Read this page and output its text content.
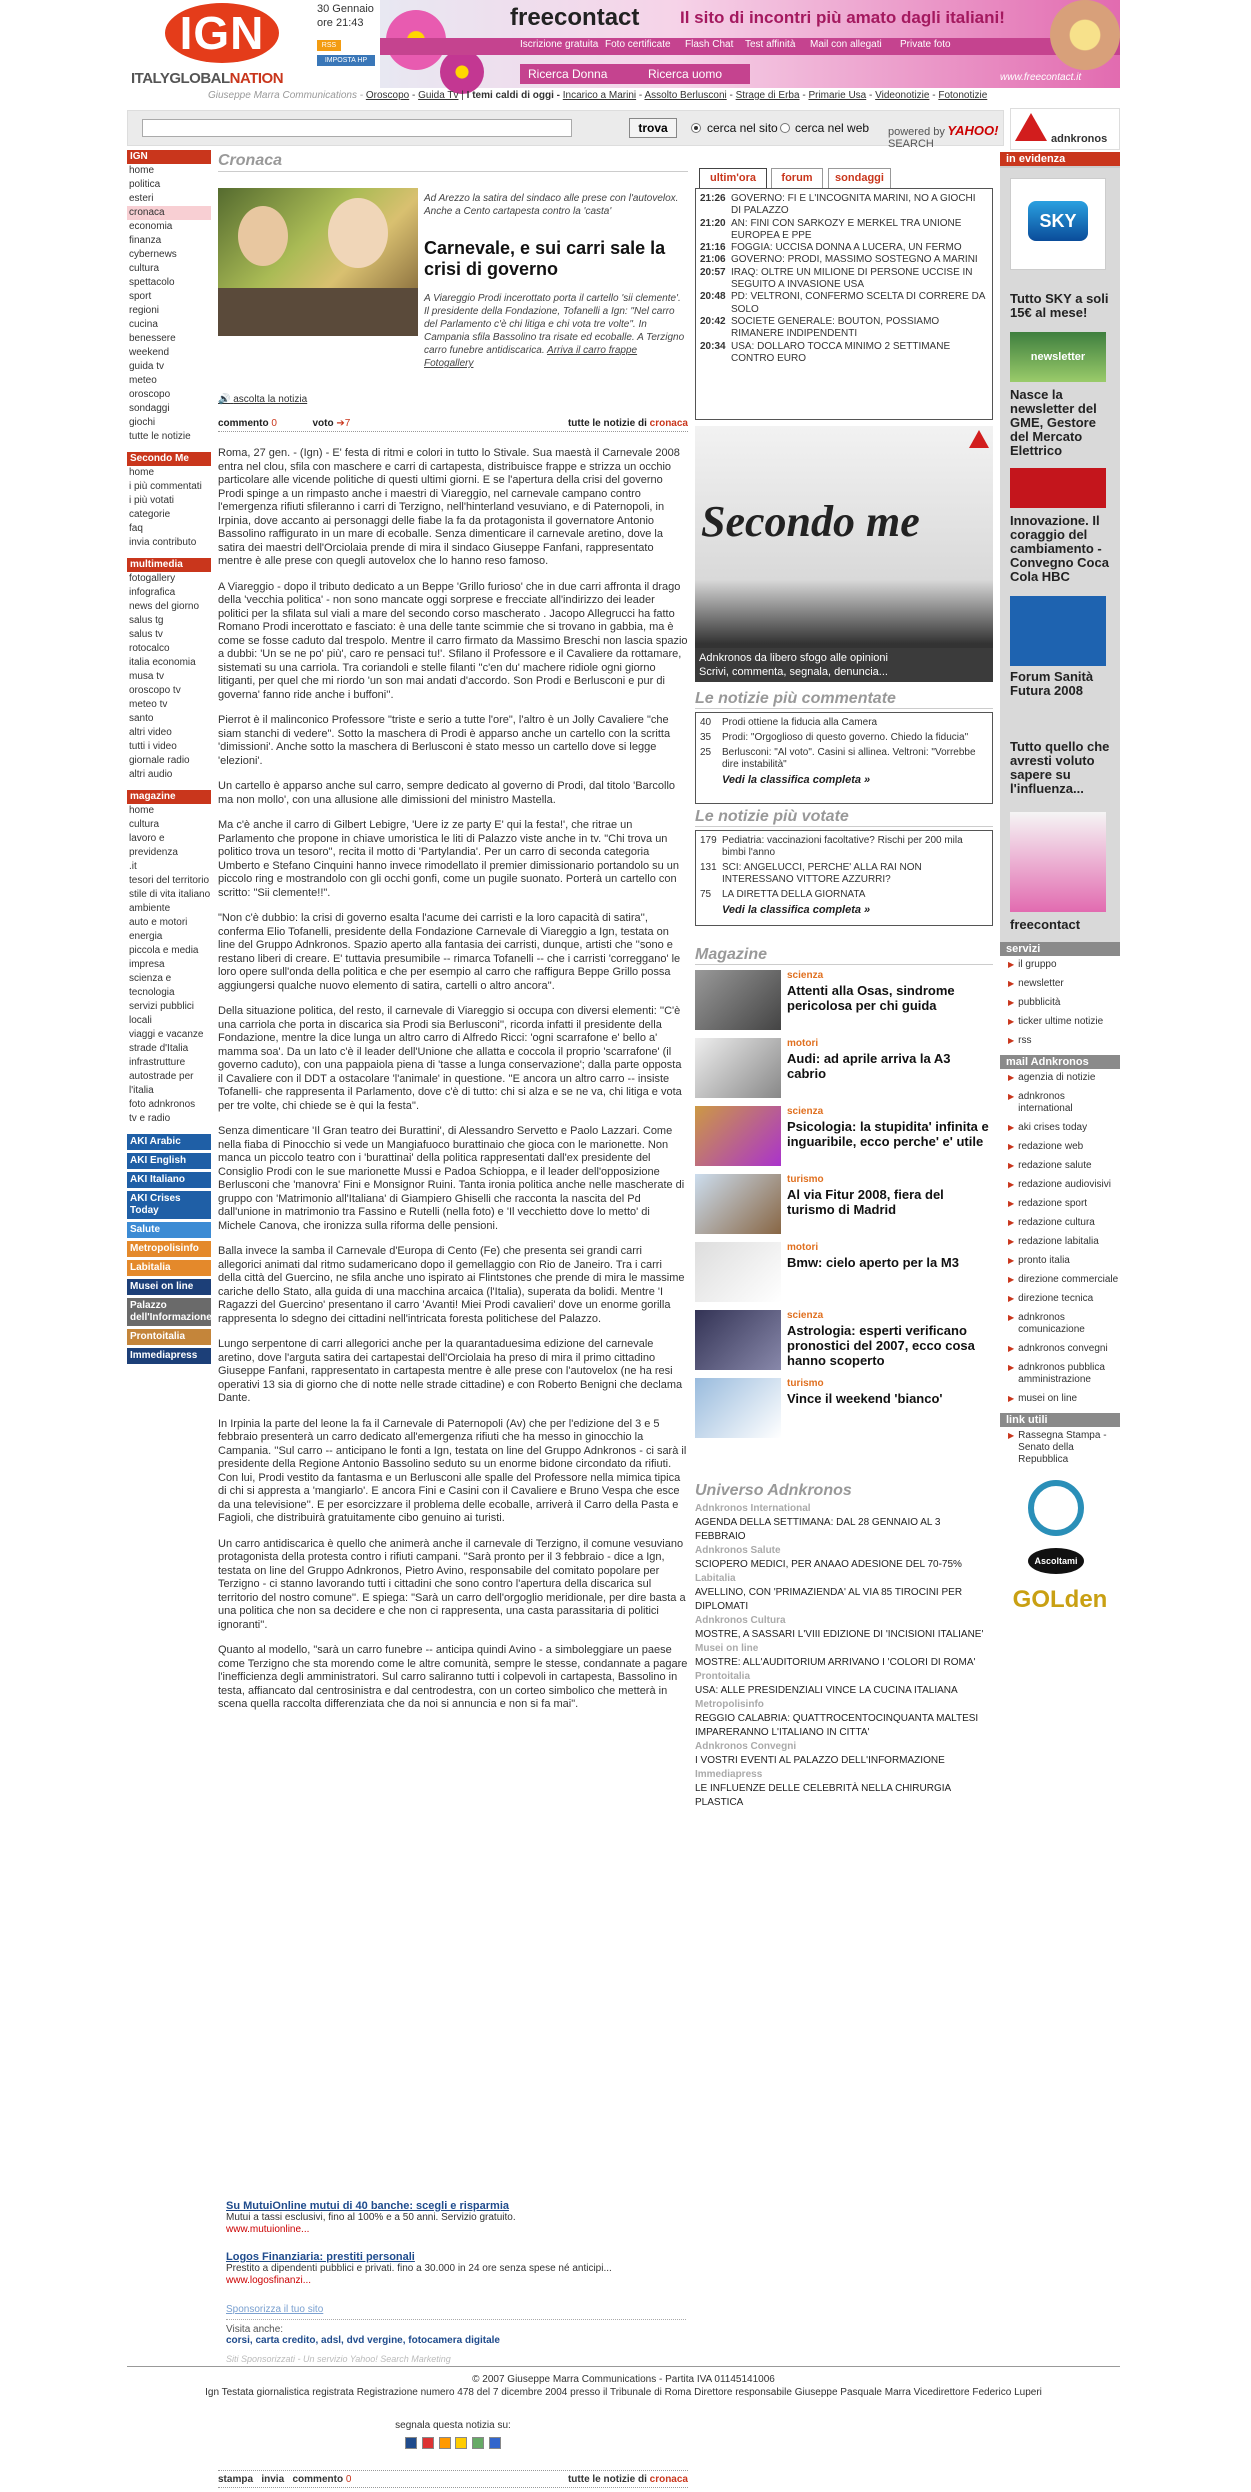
IGN
ITALYGLOBALNATION
30 Gennaio
ore 21:43
RSS
IMPOSTA HP
freecontact Il sito di incontri più amato dagli italiani!
Iscrizione gratuita Foto certificate Flash Chat Test affinità Mail con allegati Private foto
Ricerca Donna	Ricerca uomo	www.freecontact.it
Giuseppe Marra Communications - Oroscopo - Guida Tv | I temi caldi di oggi - Incarico a Marini - Assolto Berlusconi - Strage di Erba - Primarie Usa - Videonotizie - Fotonotizie
trova	cerca nel sito	powered by YAHOO! SEARCH
cerca nel web
adnkronos
IGN
home
politica
esteri
cronaca
economia
finanza
cybernews
cultura
spettacolo
sport
regioni
cucina
benessere
weekend
guida tv
meteo
oroscopo
sondaggi
giochi
tutte le notizie
Secondo Me
home
i più commentati
i più votati
categorie
faq
invia contributo
multimedia
fotogallery
infografica
news del giorno
salus tg
salus tv
rotocalco
italia economia
musa tv
oroscopo tv
meteo tv
santo
altri video
tutti i video
giornale radio
altri audio
magazine
home
cultura
lavoro e previdenza
.it
tesori del territorio
stile di vita italiano
ambiente
auto e motori
energia
piccola e media impresa
scienza e tecnologia
servizi pubblici locali
viaggi e vacanze
strade d'Italia
infrastrutture
autostrade per l'italia
foto adnkronos
tv e radio
AKI Arabic
AKI English
AKI Italiano
AKI Crises Today
Salute
Metropolisinfo
Labitalia
Musei on line
Palazzo dell'Informazione
Prontoitalia
Immediapress
Cronaca
Ad Arezzo la satira del sindaco alle prese con l'autovelox. Anche a Cento cartapesta contro la 'casta'
Carnevale, e sui carri sale la crisi di governo
A Viareggio Prodi incerottato porta il cartello 'sii clemente'. Il presidente della Fondazione, Tofanelli a Ign: "Nel carro del Parlamento c'è chi litiga e chi vota tre volte". In Campania sfila Bassolino tra risate ed ecoballe. A Terzigno carro funebre antidiscarica. Arriva il carro frappe Fotogallery
🔊 ascolta la notizia
commento 0	voto ➔7	tutte le notizie di cronaca

Roma, 27 gen. - (Ign) - E' festa di ritmi e colori in tutto lo Stivale. Sua maestà il Carnevale 2008 entra nel clou, sfila con maschere e carri di cartapesta, distribuisce frappe e strizza un occhio particolare alle vicende politiche di questi ultimi giorni. E se l'apertura della crisi del governo Prodi spinge a un rimpasto anche i maestri di Viareggio, nel carnevale campano contro l'emergenza rifiuti sfileranno i carri di Terzigno, nell'hinterland vesuviano, e di Paternopoli, in Irpinia, dove accanto ai personaggi delle fiabe la fa da protagonista il governatore Antonio Bassolino raffigurato in un mare di ecoballe. Senza dimenticare il carnevale aretino, dove la satira dei maestri dell'Orciolaia prende di mira il sindaco Giuseppe Fanfani, rappresentato mentre è alle prese con quegli autovelox che lo hanno reso famoso.

A Viareggio - dopo il tributo dedicato a un Beppe 'Grillo furioso' che in due carri affronta il drago della 'vecchia politica' - non sono mancate oggi sorprese e frecciate all'indirizzo dei leader politici per la sfilata sul viali a mare del secondo corso mascherato . Jacopo Allegrucci ha fatto Romano Prodi incerottato e fasciato: è una delle tante scimmie che si trovano in gabbia, ma è come se fosse caduto dal trespolo. Mentre il carro firmato da Massimo Breschi non lascia spazio a dubbi: 'Un se ne po' più', caro re pensaci tu!'. Sfilano il Professore e il Cavaliere da rottamare, sistemati su una carriola. Tra coriandoli e stelle filanti ''c'en du' machere ridiole ogni giorno litiganti, per quel che mi riordo 'un son mai andati d'accordo. Son Prodi e Berlusconi e pur di governa' fanno ride anche i buffoni''.

Pierrot è il malinconico Professore "triste e serio a tutte l'ore", l'altro è un Jolly Cavaliere "che siam stanchi di vedere". Sotto la maschera di Prodi è apparso anche un cartello con la scritta 'dimissioni'. Anche sotto la maschera di Berlusconi è stato messo un cartello dove si legge 'elezioni'.

Un cartello è apparso anche sul carro, sempre dedicato al governo di Prodi, dal titolo 'Barcollo ma non mollo', con una allusione alle dimissioni del ministro Mastella.

Ma c'è anche il carro di Gilbert Lebigre, 'Uere iz ze party E' qui la festa!', che ritrae un Parlamento che propone in chiave umoristica le liti di Palazzo viste anche in tv. "Chi trova un politico trova un tesoro", recita il motto di 'Partylandia'. Per un carro di seconda categoria Umberto e Stefano Cinquini hanno invece rimodellato il premier dimissionario portandolo su un piccolo ring e mostrandolo con gli occhi gonfi, come un pugile suonato. Porterà un cartello con scritto: "Sii clemente!!".

"Non c'è dubbio: la crisi di governo esalta l'acume dei carristi e la loro capacità di satira'', conferma Elio Tofanelli, presidente della Fondazione Carnevale di Viareggio a Ign, testata on line del Gruppo Adnkronos. Spazio aperto alla fantasia dei carristi, dunque, artisti che ''sono e restano liberi di creare. E' tuttavia presumibile -- rimarca Tofanelli -- che i carristi 'correggano' le loro opere sull'onda della politica e che per esempio al carro che raffigura Beppe Grillo possa aggiungersi qualche nuovo elemento di satira, cartelli o altro ancora''.

Della situazione politica, del resto, il carnevale di Viareggio si occupa con diversi elementi: ''C'è una carriola che porta in discarica sia Prodi sia Berlusconi'', ricorda infatti il presidente della Fondazione, mentre la dice lunga un altro carro di Alfredo Ricci: 'ogni scarrafone e' bello a' mamma soa'. Da un lato c'è il leader dell'Unione che allatta e coccola il proprio 'scarrafone' (il governo caduto), con una pappaiola piena di 'tasse a lunga conservazione'; dalla parte opposta il Cavaliere con il DDT a ostacolare 'l'animale' in questione. ''E ancora un altro carro -- insiste Tofanelli- che rappresenta il Parlamento, dove c'è di tutto: chi si alza e se ne va, chi litiga e vota per tre volte, chi chiede se è qui la festa''.

Senza dimenticare 'Il Gran teatro dei Burattini', di Alessandro Servetto e Paolo Lazzari. Come nella fiaba di Pinocchio si vede un Mangiafuoco burattinaio che gioca con le marionette. Non manca un piccolo teatro con i 'burattinai' della politica rappresentati dall'ex presidente del Consiglio Prodi con le sue marionette Mussi e Padoa Schioppa, e il leader dell'opposizione Berlusconi che 'manovra' Fini e Monsignor Ruini. Tanta ironia politica anche nelle mascherate di gruppo con 'Matrimonio all'Italiana' di Giampiero Ghiselli che racconta la nascita del Pd dall'unione in matrimonio tra Fassino e Rutelli (nella foto) e 'Il vecchietto dove lo metto' di Michele Canova, che ironizza sulla riforma delle pensioni.

Balla invece la samba il Carnevale d'Europa di Cento (Fe) che presenta sei grandi carri allegorici animati dal ritmo sudamericano dopo il gemellaggio con Rio de Janeiro. Tra i carri della città del Guercino, ne sfila anche uno ispirato ai Flintstones che prende di mira le massime cariche dello Stato, alla guida di una macchina arcaica (l'Italia), superata da bolidi. Mentre 'I Ragazzi del Guercino' presentano il carro 'Avanti! Miei Prodi cavalieri' dove un enorme gorilla rappresenta lo sdegno dei cittadini nell'intricata foresta politichese del Palazzo.

Lungo serpentone di carri allegorici anche per la quarantaduesima edizione del carnevale aretino, dove l'arguta satira dei cartapestai dell'Orciolaia ha preso di mira il primo cittadino Giuseppe Fanfani, rappresentato in cartapesta mentre è alle prese con l'autovelox (ne ha resi operativi 13 sia di giorno che di notte nelle strade cittadine) e con Roberto Benigni che declama Dante.

In Irpinia la parte del leone la fa il Carnevale di Paternopoli (Av) che per l'edizione del 3 e 5 febbraio presenterà un carro dedicato all'emergenza rifiuti che ha messo in ginocchio la Campania. ''Sul carro -- anticipano le fonti a Ign, testata on line del Gruppo Adnkronos - ci sarà il presidente della Regione Antonio Bassolino seduto su un enorme bidone circondato da rifiuti. Con lui, Prodi vestito da fantasma e un Berlusconi alle spalle del Professore nella mimica tipica di chi si appresta a 'mangiarlo'. E ancora Fini e Casini con il Cavaliere e Bruno Vespa che esce da una televisione''. E per esorcizzare il problema delle ecoballe, arriverà il Carro della Pasta e Fagioli, che distribuirà gratuitamente cibo genuino ai turisti.

Un carro antidiscarica è quello che animerà anche il carnevale di Terzigno, il comune vesuviano protagonista della protesta contro i rifiuti campani. "Sarà pronto per il 3 febbraio - dice a Ign, testata on line del Gruppo Adnkronos, Pietro Avino, responsabile del comitato popolare per Terzigno - ci stanno lavorando tutti i cittadini che sono contro l'apertura della discarica sul territorio del nostro comune''. E spiega: "Sarà un carro dell'orgoglio meridionale, per dire basta a una politica che non sa decidere e che non ci rappresenta, una casta parassitaria di politici ignoranti''.

Quanto al modello, "sarà un carro funebre -- anticipa quindi Avino - a simboleggiare un paese come Terzigno che sta morendo come le altre comunità, sempre le stesse, condannate a pagare l'inefficienza degli amministratori. Sul carro saliranno tutti i colpevoli in cartapesta, Bassolino in testa, affiancato dal centrosinistra e dal centrodestra, con un corteo simbolico che metterà in scena quella raccolta differenziata che da noi si annuncia e non si fa mai".

Su MutuiOnline mutui di 40 banche: scegli e risparmia
Mutui a tassi esclusivi, fino al 100% e a 50 anni. Servizio gratuito.
www.mutuionline...
Logos Finanziaria: prestiti personali
Prestito a dipendenti pubblici e privati. fino a 30.000 in 24 ore senza spese né anticipi...
www.logosfinanzi...
Sponsorizza il tuo sito
Visita anche:
corsi, carta credito, adsl, dvd vergine, fotocamera digitale
Siti Sponsorizzati - Un servizio Yahoo! Search Marketing
segnala questa notizia su:

stampa invia commento 0	tutte le notizie di cronaca
ultim'ora	forum	sondaggi
21:26 GOVERNO: FI E L'INCOGNITA MARINI, NO A GIOCHI DI PALAZZO
21:20 AN: FINI CON SARKOZY E MERKEL TRA UNIONE EUROPEA E PPE
21:16 FOGGIA: UCCISA DONNA A LUCERA, UN FERMO
21:06 GOVERNO: PRODI, MASSIMO SOSTEGNO A MARINI
20:57 IRAQ: OLTRE UN MILIONE DI PERSONE UCCISE IN SEGUITO A INVASIONE USA
20:48 PD: VELTRONI, CONFERMO SCELTA DI CORRERE DA SOLO
20:42 SOCIETE GENERALE: BOUTON, POSSIAMO RIMANERE INDIPENDENTI
20:34 USA: DOLLARO TOCCA MINIMO 2 SETTIMANE CONTRO EURO
Secondo me
Adnkronos da libero sfogo alle opinioni
Scrivi, commenta, segnala, denuncia...
Le notizie più commentate
40	Prodi ottiene la fiducia alla Camera
35	Prodi: "Orgoglioso di questo governo. Chiedo la fiducia"
25	Berlusconi: "Al voto". Casini si allinea. Veltroni: "Vorrebbe dire instabilità"
Vedi la classifica completa »
Le notizie più votate
179 Pediatria: vaccinazioni facoltative? Rischi per 200 mila bimbi l'anno
131 SCI: ANGELUCCI, PERCHE' ALLA RAI NON INTERESSANO VITTORE AZZURRI?
75	LA DIRETTA DELLA GIORNATA
Vedi la classifica completa »
Magazine
scienza
Attenti alla Osas, sindrome pericolosa per chi guida
motori
Audi: ad aprile arriva la A3 cabrio
scienza
Psicologia: la stupidita' infinita e inguaribile, ecco perche' e' utile
turismo
Al via Fitur 2008, fiera del turismo di Madrid
motori
Bmw: cielo aperto per la M3
scienza
Astrologia: esperti verificano pronostici del 2007, ecco cosa hanno scoperto
turismo
Vince il weekend 'bianco'
Universo Adnkronos
Adnkronos International
AGENDA DELLA SETTIMANA: DAL 28 GENNAIO AL 3 FEBBRAIO
Adnkronos Salute
SCIOPERO MEDICI, PER ANAAO ADESIONE DEL 70-75%
Labitalia
AVELLINO, CON 'PRIMAZIENDA' AL VIA 85 TIROCINI PER DIPLOMATI
Adnkronos Cultura
MOSTRE, A SASSARI L'VIII EDIZIONE DI 'INCISIONI ITALIANE'
Musei on line
MOSTRE: ALL'AUDITORIUM ARRIVANO I 'COLORI DI ROMA'
Prontoitalia
USA: ALLE PRESIDENZIALI VINCE LA CUCINA ITALIANA
Metropolisinfo
REGGIO CALABRIA: QUATTROCENTOCINQUANTA MALTESI IMPARERANNO L'ITALIANO IN CITTA'
Adnkronos Convegni
I VOSTRI EVENTI AL PALAZZO DELL'INFORMAZIONE
Immediapress
LE INFLUENZE DELLE CELEBRITÀ NELLA CHIRURGIA PLASTICA
in evidenza
SKY
Tutto SKY a soli 15€ al mese!
newsletter
Nasce la newsletter del GME, Gestore del Mercato Elettrico
Innovazione. Il coraggio del cambiamento - Convegno Coca Cola HBC
Forum Sanità Futura 2008
Tutto quello che avresti voluto sapere su l'influenza...
freecontact
servizi
▶ il gruppo
▶ newsletter
▶ pubblicità
▶ ticker ultime notizie
▶ rss
mail Adnkronos
▶ agenzia di notizie
▶ adnkronos international
▶ aki crises today
▶ redazione web
▶ redazione salute
▶ redazione audiovisivi
▶ redazione sport
▶ redazione cultura
▶ redazione labitalia
▶ pronto italia
▶ direzione commerciale
▶ direzione tecnica
▶ adnkronos comunicazione
▶ adnkronos convegni
▶ adnkronos pubblica amministrazione
▶ musei on line
link utili
▶ Rassegna Stampa - Senato della Repubblica
Ascoltami
GOLden
© 2007 Giuseppe Marra Communications - Partita IVA 01145141006
Ign Testata giornalistica registrata Registrazione numero 478 del 7 dicembre 2004 presso il Tribunale di Roma Direttore responsabile Giuseppe Pasquale Marra Vicedirettore Federico Luperi
